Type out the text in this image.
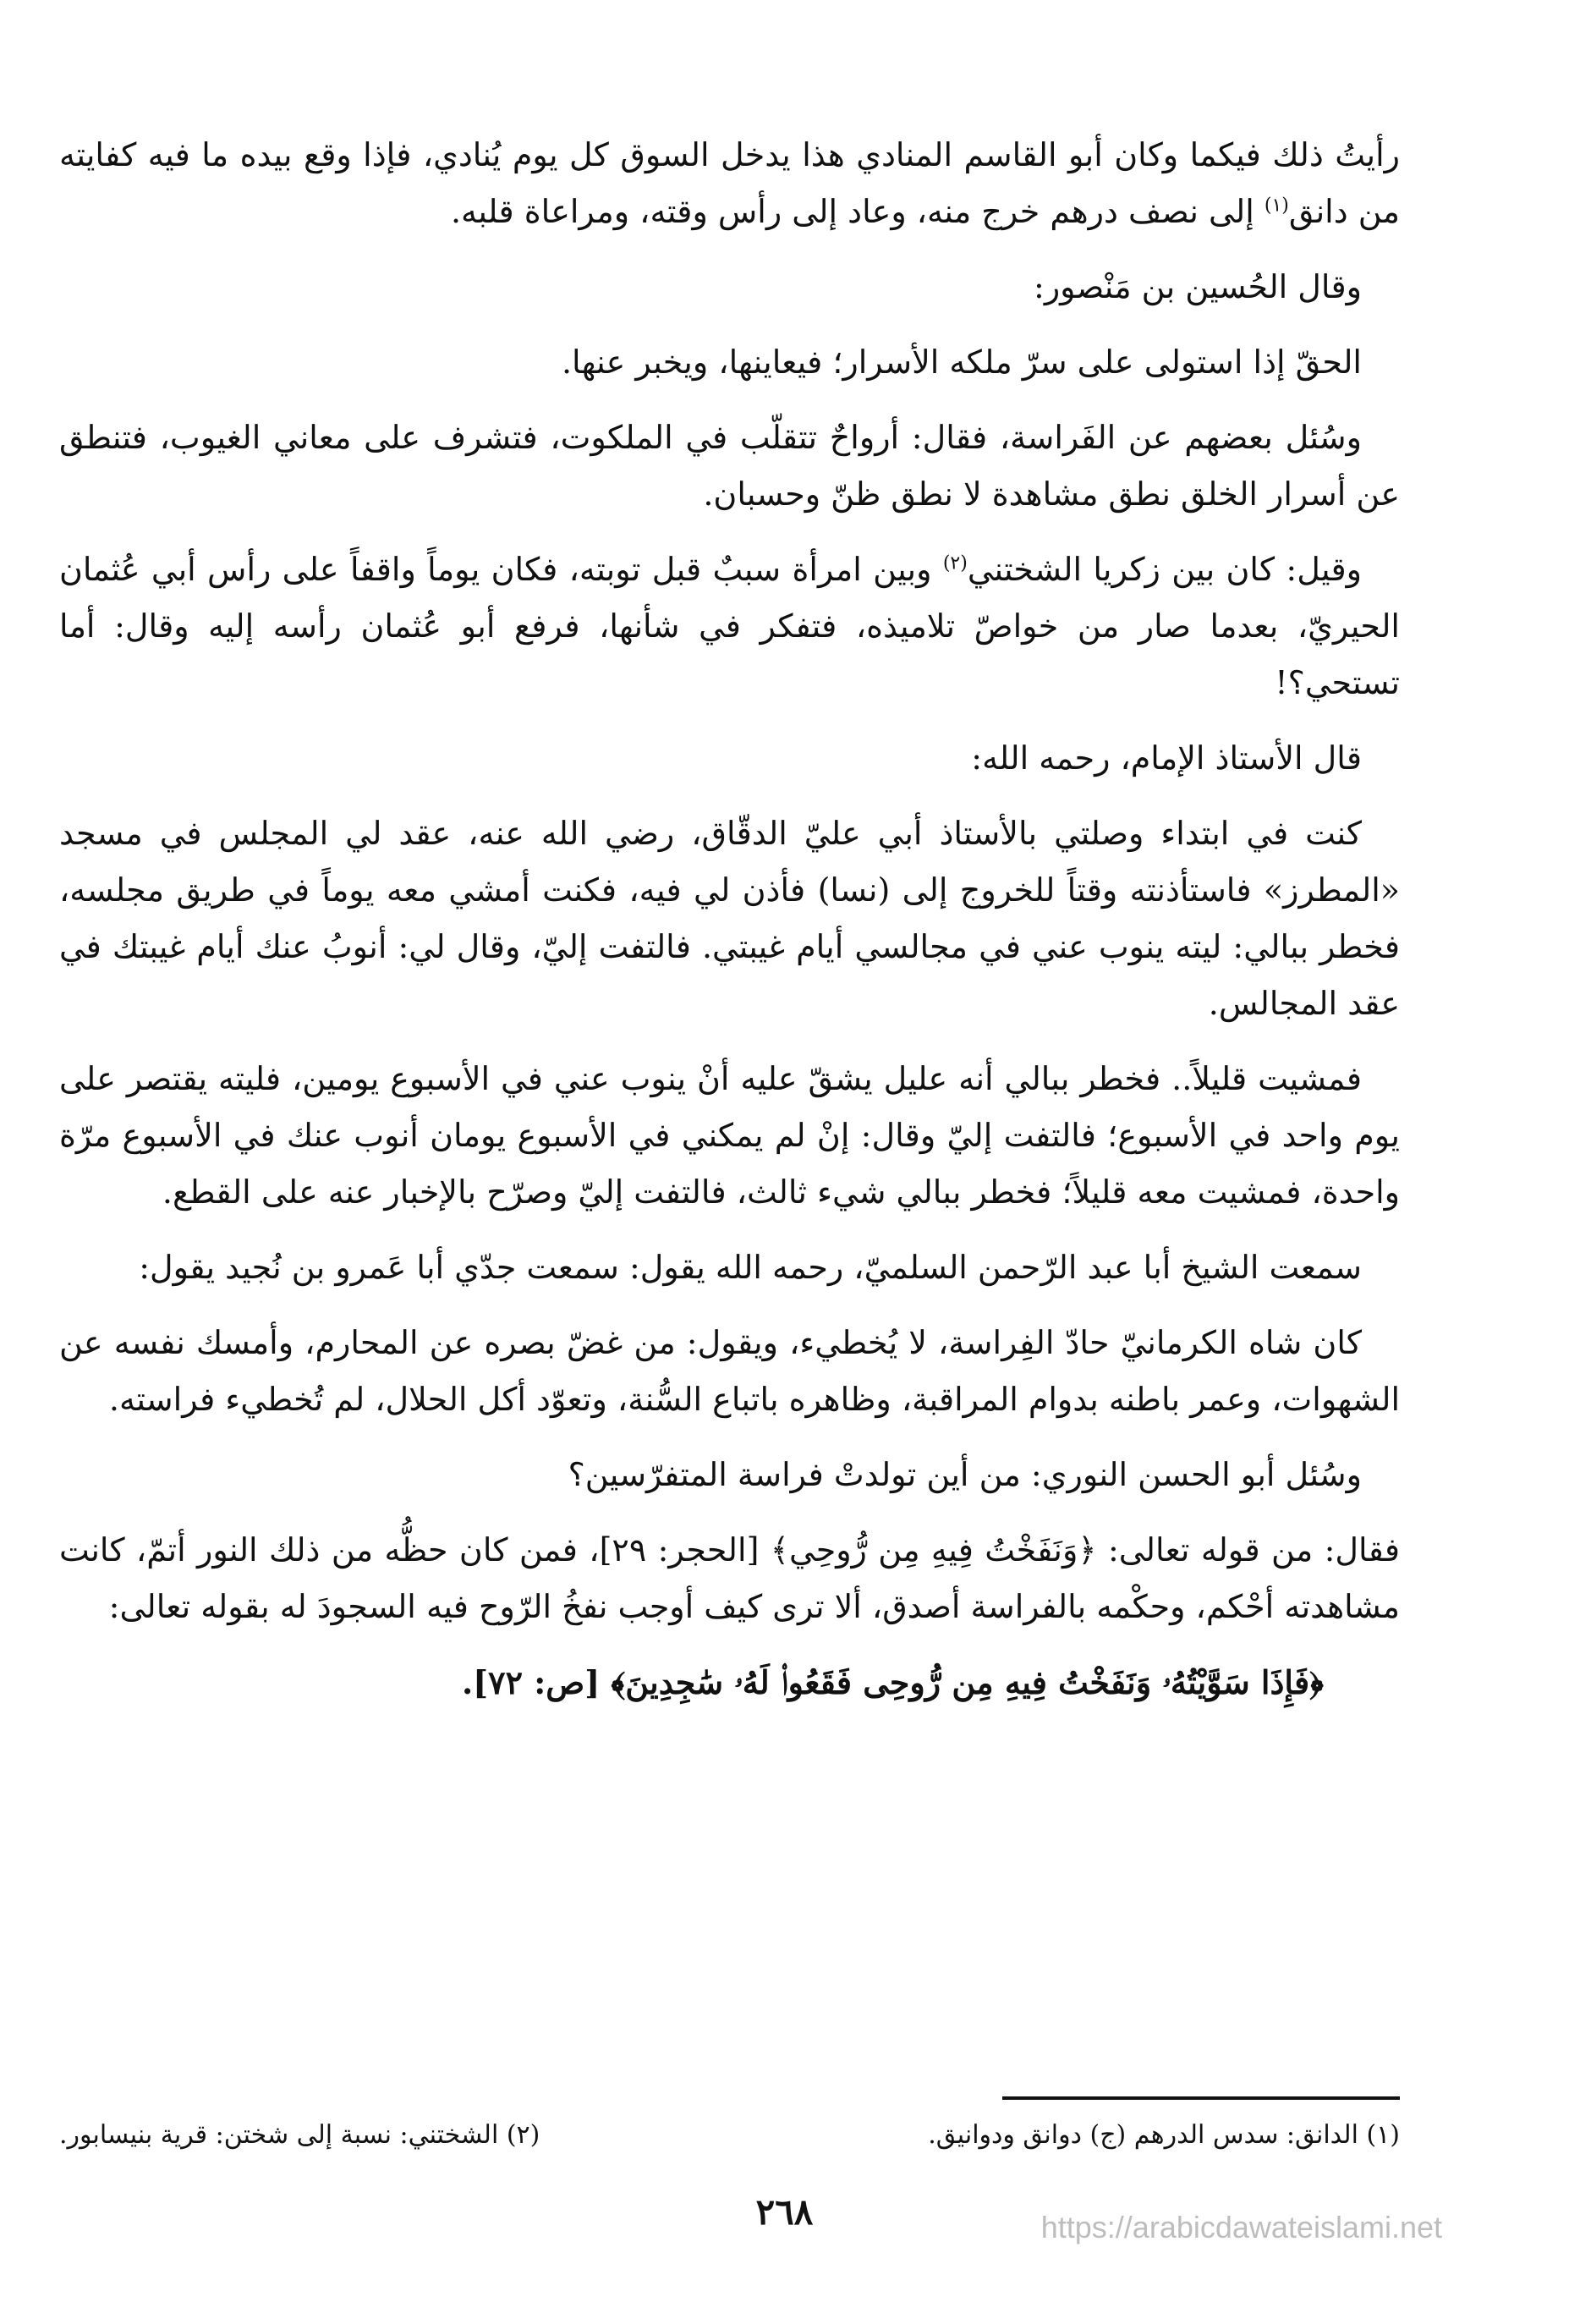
رأيتُ ذلك فيكما وكان أبو القاسم المنادي هذا يدخل السوق كل يوم يُنادي، فإذا وقع بيده ما فيه كفايته من دانق$^{(١)}$ إلى نصف درهم خرج منه، وعاد إلى رأس وقته، ومراعاة قلبه.

وقال الحُسين بن مَنْصور:

الحقّ إذا استولى على سرّ ملكه الأسرار؛ فيعاينها، ويخبر عنها.

وسُئل بعضهم عن الفَراسة، فقال: أرواحٌ تتقلّب في الملكوت، فتشرف على معاني الغيوب، فتنطق عن أسرار الخلق نطق مشاهدة لا نطق ظنّ وحسبان.

وقيل: كان بين زكريا الشختني$^{(٢)}$ وبين امرأة سببٌ قبل توبته، فكان يوماً واقفاً على رأس أبي عُثمان الحيريّ، بعدما صار من خواصّ تلاميذه، فتفكر في شأنها، فرفع أبو عُثمان رأسه إليه وقال: أما تستحي؟!

قال الأستاذ الإمام، رحمه الله:

كنت في ابتداء وصلتي بالأستاذ أبي عليّ الدقّاق، رضي الله عنه، عقد لي المجلس في مسجد «المطرز» فاستأذنته وقتاً للخروج إلى (نسا) فأذن لي فيه، فكنت أمشي معه يوماً في طريق مجلسه، فخطر ببالي: ليته ينوب عني في مجالسي أيام غيبتي. فالتفت إليّ، وقال لي: أنوبُ عنك أيام غيبتك في عقد المجالس.

فمشيت قليلاً.. فخطر ببالي أنه عليل يشقّ عليه أنْ ينوب عني في الأسبوع يومين، فليته يقتصر على يوم واحد في الأسبوع؛ فالتفت إليّ وقال: إنْ لم يمكني في الأسبوع يومان أنوب عنك في الأسبوع مرّة واحدة، فمشيت معه قليلاً؛ فخطر ببالي شيء ثالث، فالتفت إليّ وصرّح بالإخبار عنه على القطع.

سمعت الشيخ أبا عبد الرّحمن السلميّ، رحمه الله يقول: سمعت جدّي أبا عَمرو بن نُجيد يقول:

كان شاه الكرمانيّ حادّ الفِراسة، لا يُخطيء، ويقول: من غضّ بصره عن المحارم، وأمسك نفسه عن الشهوات، وعمر باطنه بدوام المراقبة، وظاهره باتباع السُّنة، وتعوّد أكل الحلال، لم تُخطيء فراسته.

وسُئل أبو الحسن النوري: من أين تولدتْ فراسة المتفرّسين؟

فقال: من قوله تعالى: ﴿وَنَفَخْتُ فِيهِ مِن رُّوحِي﴾ [الحجر: ٢٩]، فمن كان حظُّه من ذلك النور أتمّ، كانت مشاهدته أحْكم، وحكْمه بالفراسة أصدق، ألا ترى كيف أوجب نفخُ الرّوح فيه السجودَ له بقوله تعالى:

﴿فَإِذَا سَوَّيْتُهُۥ وَنَفَخْتُ فِيهِ مِن رُّوحِى فَقَعُوا۟ لَهُۥ سَٰجِدِينَ﴾ [ص: ٧٢].

(١) الدانق: سدس الدرهم (ج) دوانق ودوانيق.
(٢) الشختني: نسبة إلى شختن: قرية بنيسابور.
٢٦٨	https://arabicdawateislami.net
